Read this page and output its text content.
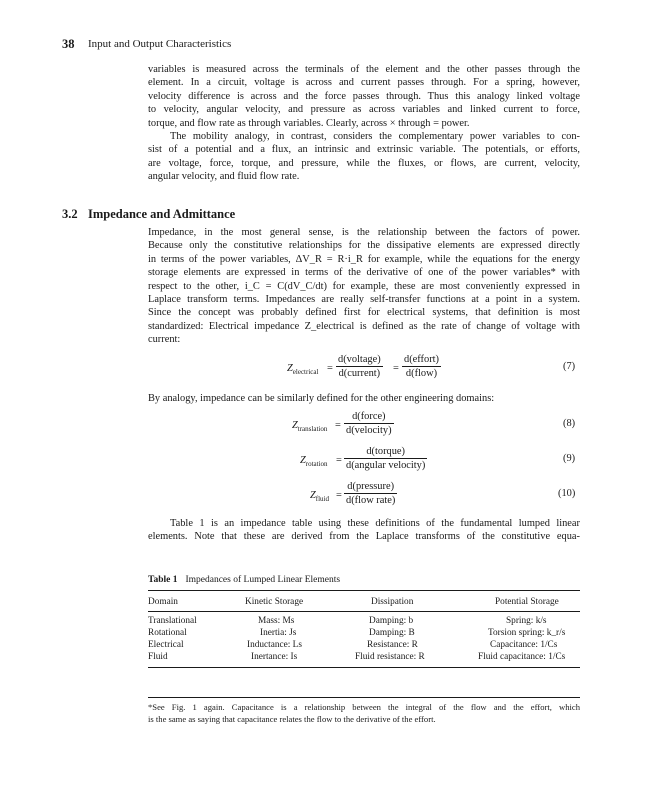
38 Input and Output Characteristics
variables is measured across the terminals of the element and the other passes through the
element. In a circuit, voltage is across and current passes through. For a spring, however,
velocity difference is across and the force passes through. Thus this analogy linked voltage
to velocity, angular velocity, and pressure as across variables and linked current to force,
torque, and flow rate as through variables. Clearly, across × through = power.
The mobility analogy, in contrast, considers the complementary power variables to con-
sist of a potential and a flux, an intrinsic and extrinsic variable. The potentials, or efforts,
are voltage, force, torque, and pressure, while the fluxes, or flows, are current, velocity,
angular velocity, and fluid flow rate.
3.2 Impedance and Admittance
Impedance, in the most general sense, is the relationship between the factors of power.
Because only the constitutive relationships for the dissipative elements are expressed directly
in terms of the power variables, ΔV_R = R·i_R for example, while the equations for the energy
storage elements are expressed in terms of the derivative of one of the power variables* with
respect to the other, i_C = C(dV_C/dt) for example, these are most conveniently expressed in
Laplace transform terms. Impedances are really self-transfer functions at a point in a system.
Since the concept was probably defined first for electrical systems, that definition is most
standardized: Electrical impedance Z_electrical is defined as the rate of change of voltage with
current:
$Z_{electrical}$ =
d(voltage)
d(current) =
d(effort)
d(flow)
(7)
By analogy, impedance can be similarly defined for the other engineering domains:
$Z_{translation}$ =
d(force)
d(velocity)
(8)
$Z_{rotation}$ =
d(torque)
d(angular velocity)
(9)
$Z_{fluid}$ =
d(pressure)
d(flow rate)
(10)
Table 1 is an impedance table using these definitions of the fundamental lumped linear
elements. Note that these are derived from the Laplace transforms of the constitutive equa-
Table 1 Impedances of Lumped Linear Elements
Domain	Kinetic Storage	Dissipation	Potential Storage
Translational	Mass: Ms	Damping: b	Spring: k/s
Rotational	Inertia: Js	Damping: B	Torsion spring: k_r/s
Electrical	Inductance: Ls	Resistance: R	Capacitance: 1/Cs
Fluid	Inertance: Is	Fluid resistance: R	Fluid capacitance: 1/Cs
*See Fig. 1 again. Capacitance is a relationship between the integral of the flow and the effort, which
is the same as saying that capacitance relates the flow to the derivative of the effort.
